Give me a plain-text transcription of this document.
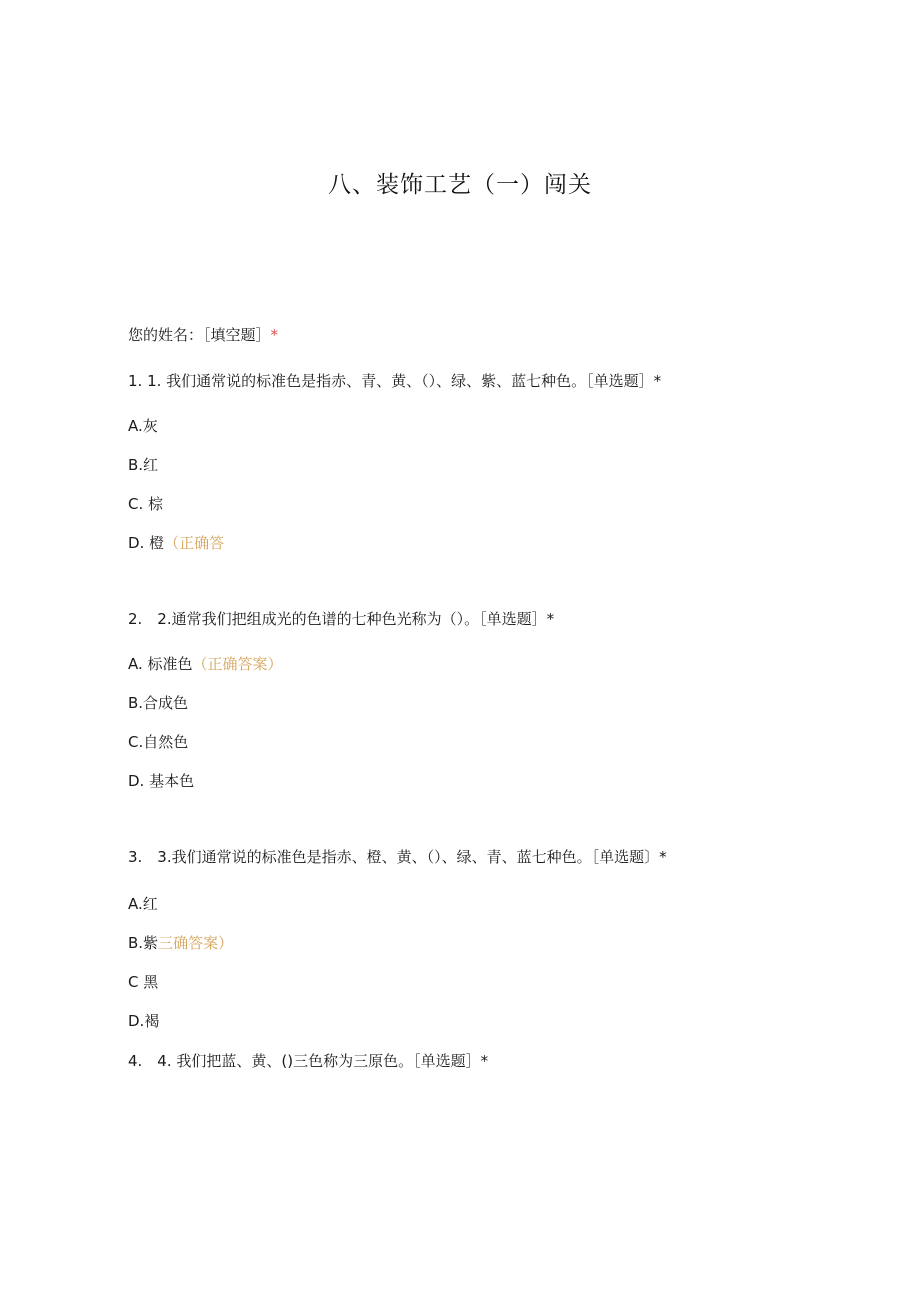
八、装饰工艺（一）闯关
您的姓名：［填空题］*
1. 1. 我们通常说的标准色是指赤、青、黄、（）、绿、紫、蓝七种色。［单选题］*
A.灰
B.红
C. 棕
D. 橙（正确答
2.　2.通常我们把组成光的色谱的七种色光称为（）。［单选题］*
A. 标准色（正确答案）
B.合成色
C.自然色
D. 基本色
3.　3.我们通常说的标准色是指赤、橙、黄、（）、绿、青、蓝七种色。［单选题〕*
A.红
B.紫三确答案）
C 黑
D.褐
4.　4. 我们把蓝、黄、()三色称为三原色。［单选题］*
